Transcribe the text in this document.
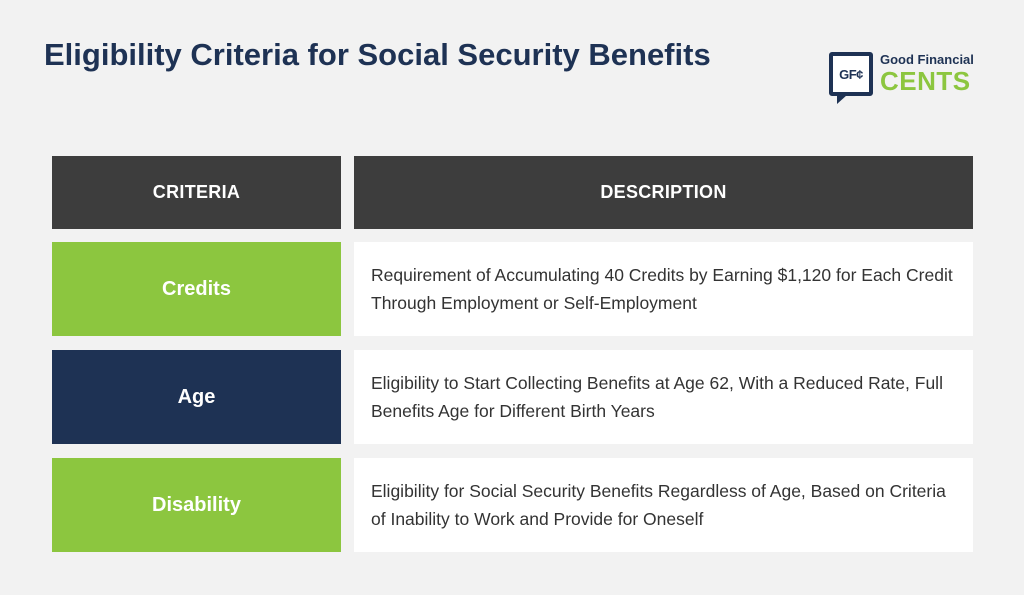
Eligibility Criteria for Social Security Benefits
GF¢
Good Financial
CENTS
CRITERIA	DESCRIPTION
Credits
Requirement of Accumulating 40 Credits by Earning $1,120 for Each Credit Through Employment or Self-Employment
Age
Eligibility to Start Collecting Benefits at Age 62, With a Reduced Rate, Full Benefits Age for Different Birth Years
Disability
Eligibility for Social Security Benefits Regardless of Age, Based on Criteria of Inability to Work and Provide for Oneself
